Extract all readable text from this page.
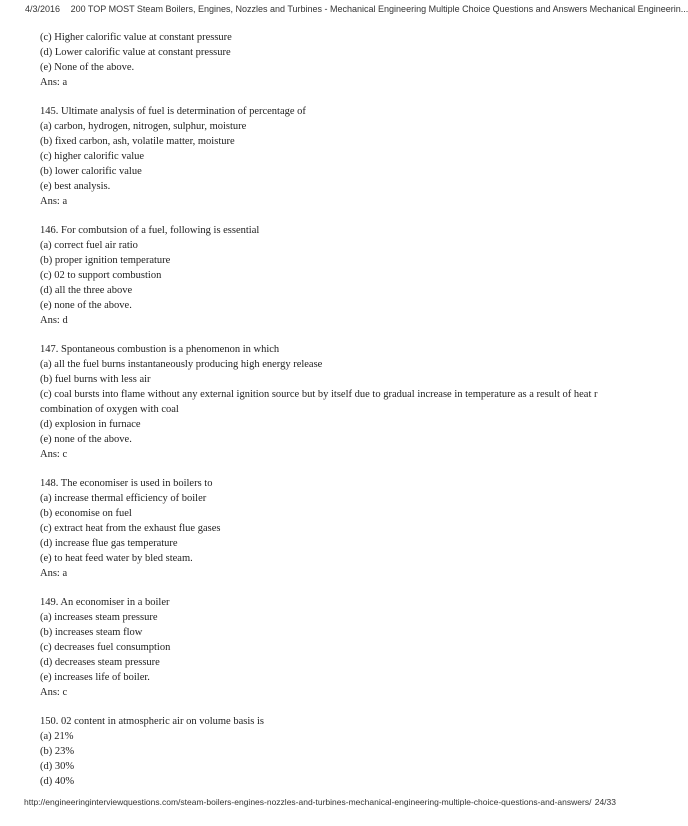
4/3/2016 200 TOP MOST Steam Boilers, Engines, Nozzles and Turbines - Mechanical Engineering Multiple Choice Questions and Answers Mechanical Engineerin...
(c) Higher calorific value at constant pressure
(d) Lower calorific value at constant pressure
(e) None of the above.
Ans: a
145. Ultimate analysis of fuel is determination of percentage of
(a) carbon, hydrogen, nitrogen, sulphur, moisture
(b) fixed carbon, ash, volatile matter, moisture
(c) higher calorific value
(b) lower calorific value
(e) best analysis.
Ans: a
146. For combutsion of a fuel, following is essential
(a) correct fuel air ratio
(b) proper ignition temperature
(c) 02 to support combustion
(d) all the three above
(e) none of the above.
Ans: d
147. Spontaneous combustion is a phenomenon in which
(a) all the fuel burns instantaneously producing high energy release
(b) fuel burns with less air
(c) coal bursts into flame without any external ignition source but by itself due to gradual increase in temperature as a result of heat r
combination of oxygen with coal
(d) explosion in furnace
(e) none of the above.
Ans: c
148. The economiser is used in boilers to
(a) increase thermal efficiency of boiler
(b) economise on fuel
(c) extract heat from the exhaust flue gases
(d) increase flue gas temperature
(e) to heat feed water by bled steam.
Ans: a
149. An economiser in a boiler
(a) increases steam pressure
(b) increases steam flow
(c) decreases fuel consumption
(d) decreases steam pressure
(e) increases life of boiler.
Ans: c
150. 02 content in atmospheric air on volume basis is
(a) 21%
(b) 23%
(d) 30%
(d) 40%
http://engineeringinterviewquestions.com/steam-boilers-engines-nozzles-and-turbines-mechanical-engineering-multiple-choice-questions-and-answers/ 24/33
